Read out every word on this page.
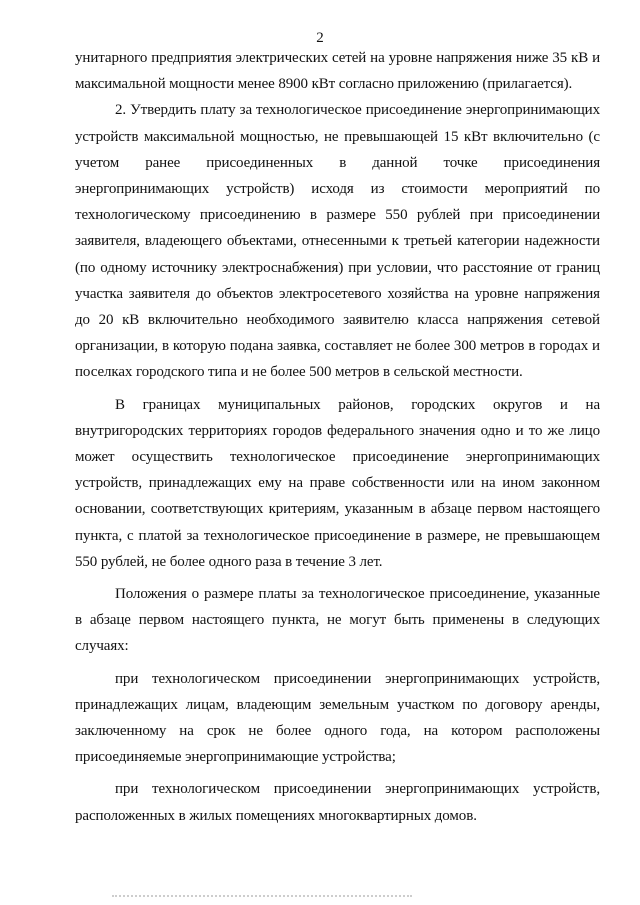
2

унитарного предприятия электрических сетей на уровне напряжения ниже 35 кВ и максимальной мощности менее 8900 кВт согласно приложению (прилагается).

2. Утвердить плату за технологическое присоединение энергопринимающих устройств максимальной мощностью, не превышающей 15 кВт включительно (с учетом ранее присоединенных в данной точке присоединения энергопринимающих устройств) исходя из стоимости мероприятий по технологическому присоединению в размере 550 рублей при присоединении заявителя, владеющего объектами, отнесенными к третьей категории надежности (по одному источнику электроснабжения) при условии, что расстояние от границ участка заявителя до объектов электросетевого хозяйства на уровне напряжения до 20 кВ включительно необходимого заявителю класса напряжения сетевой организации, в которую подана заявка, составляет не более 300 метров в городах и поселках городского типа и не более 500 метров в сельской местности.

В границах муниципальных районов, городских округов и на внутригородских территориях городов федерального значения одно и то же лицо может осуществить технологическое присоединение энергопринимающих устройств, принадлежащих ему на праве собственности или на ином законном основании, соответствующих критериям, указанным в абзаце первом настоящего пункта, с платой за технологическое присоединение в размере, не превышающем 550 рублей, не более одного раза в течение 3 лет.

Положения о размере платы за технологическое присоединение, указанные в абзаце первом настоящего пункта, не могут быть применены в следующих случаях:

при технологическом присоединении энергопринимающих устройств, принадлежащих лицам, владеющим земельным участком по договору аренды, заключенному на срок не более одного года, на котором расположены присоединяемые энергопринимающие устройства;

при технологическом присоединении энергопринимающих устройств, расположенных в жилых помещениях многоквартирных домов.
